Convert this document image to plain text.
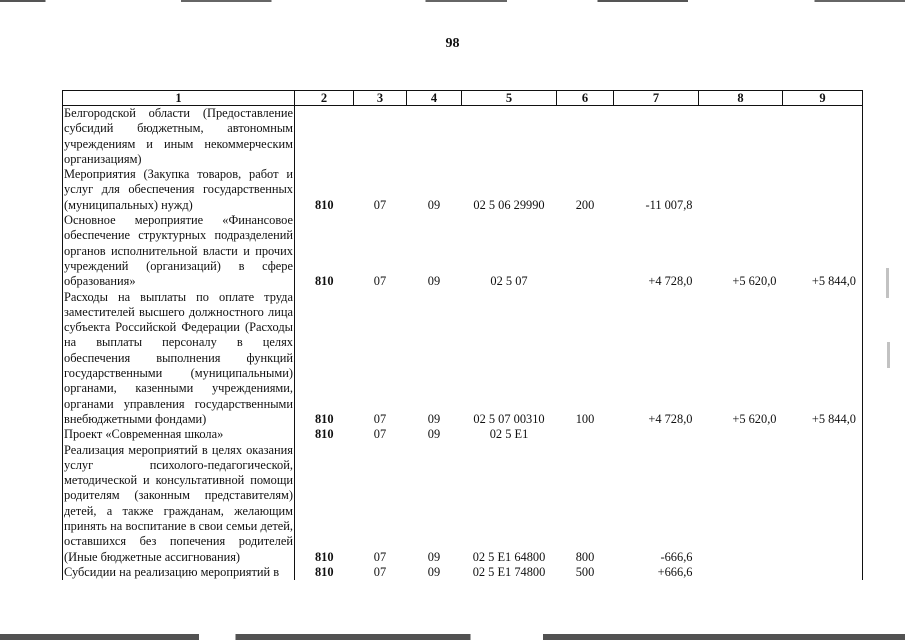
98
1	2	3	4	5	6	7	8	9
Белгородской области (Предоставление субсидий бюджетным, автономным учреждениям и иным некоммерческим организациям)								
Мероприятия (Закупка товаров, работ и услуг для обеспечения государственных (муниципальных) нужд)	810	07	09	02 5 06 29990	200	-11 007,8		
Основное мероприятие «Финансовое обеспечение структурных подразделений органов исполнительной власти и прочих учреждений (организаций) в сфере образования»	810	07	09	02 5 07		+4 728,0	+5 620,0	+5 844,0
Расходы на выплаты по оплате труда заместителей высшего должностного лица субъекта Российской Федерации (Расходы на выплаты персоналу в целях обеспечения выполнения функций государственными (муниципальными) органами, казенными учреждениями, органами управления государственными внебюджетными фондами)	810	07	09	02 5 07 00310	100	+4 728,0	+5 620,0	+5 844,0
Проект «Современная школа»	810	07	09	02 5 E1				
Реализация мероприятий в целях оказания услуг психолого-педагогической, методической и консультативной помощи родителям (законным представителям) детей, а также гражданам, желающим принять на воспитание в свои семьи детей, оставшихся без попечения родителей (Иные бюджетные ассигнования)	810	07	09	02 5 E1 64800	800	-666,6		
Субсидии на реализацию мероприятий в	810	07	09	02 5 E1 74800	500	+666,6		
